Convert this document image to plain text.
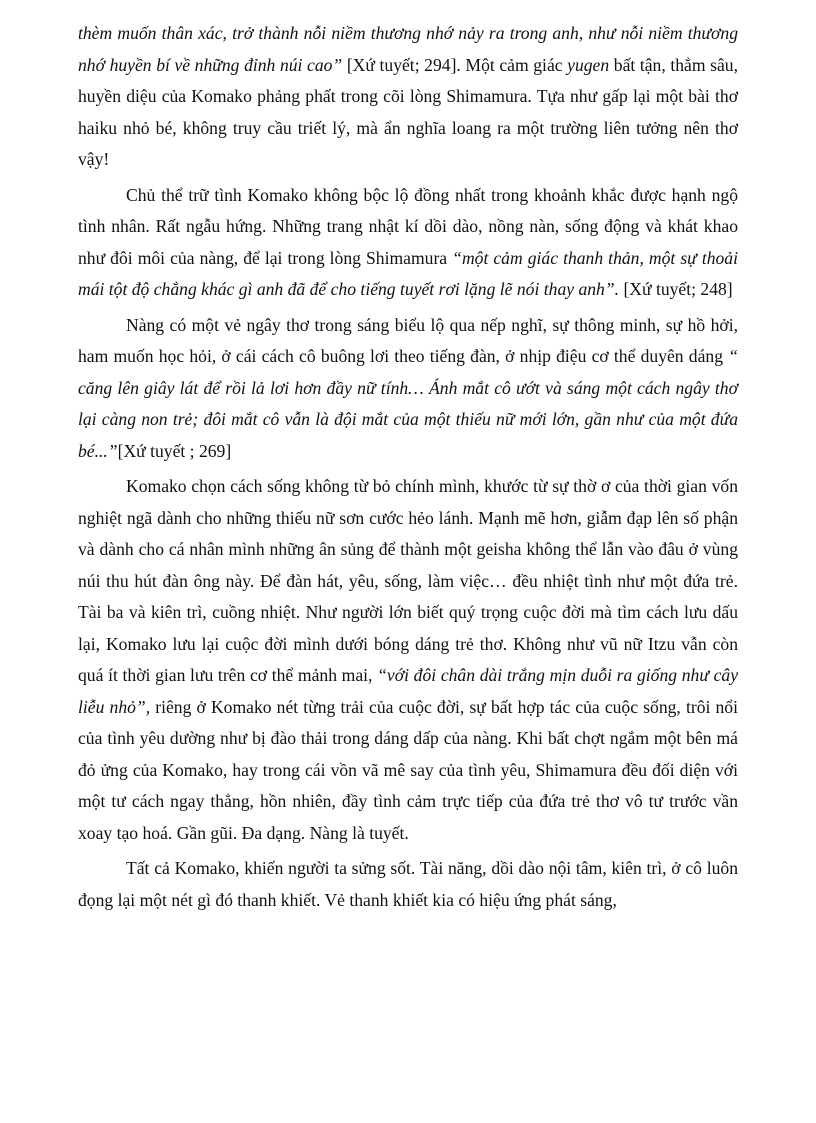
thèm muốn thân xác, trở thành nỗi niềm thương nhớ nảy ra trong anh, như nỗi niềm thương nhớ huyền bí về những đỉnh núi cao” [Xứ tuyết; 294]. Một cảm giác yugen bất tận, thẳm sâu, huyền diệu của Komako phảng phất trong cõi lòng Shimamura. Tựa như gấp lại một bài thơ haiku nhỏ bé, không truy cầu triết lý, mà ẩn nghĩa loang ra một trường liên tưởng nên thơ vậy!

Chủ thể trữ tình Komako không bộc lộ đồng nhất trong khoảnh khắc được hạnh ngộ tình nhân. Rất ngẫu hứng. Những trang nhật kí dồi dào, nồng nàn, sống động và khát khao như đôi môi của nàng, để lại trong lòng Shimamura “một cảm giác thanh thản, một sự thoải mái tột độ chẳng khác gì anh đã để cho tiếng tuyết rơi lặng lẽ nói thay anh”. [Xứ tuyết; 248]

Nàng có một vẻ ngây thơ trong sáng biểu lộ qua nếp nghĩ, sự thông minh, sự hồ hởi, ham muốn học hỏi, ở cái cách cô buông lơi theo tiếng đàn, ở nhịp điệu cơ thể duyên dáng “ căng lên giây lát để rồi lả lơi hơn đầy nữ tính… Ánh mắt cô ướt và sáng một cách ngây thơ lại càng non trẻ; đôi mắt cô vẫn là đội mắt của một thiếu nữ mới lớn, gần như của một đứa bé...”[Xứ tuyết ; 269]

Komako chọn cách sống không từ bỏ chính mình, khước từ sự thờ ơ của thời gian vốn nghiệt ngã dành cho những thiếu nữ sơn cước hẻo lánh. Mạnh mẽ hơn, giẫm đạp lên số phận và dành cho cá nhân mình những ân sủng để thành một geisha không thể lẫn vào đâu ở vùng núi thu hút đàn ông này. Để đàn hát, yêu, sống, làm việc… đều nhiệt tình như một đứa trẻ. Tài ba và kiên trì, cuồng nhiệt. Như người lớn biết quý trọng cuộc đời mà tìm cách lưu dấu lại, Komako lưu lại cuộc đời mình dưới bóng dáng trẻ thơ. Không như vũ nữ Itzu vẫn còn quá ít thời gian lưu trên cơ thể mảnh mai, “với đôi chân dài trắng mịn duỗi ra giống như cây liễu nhỏ”, riêng ở Komako nét từng trải của cuộc đời, sự bất hợp tác của cuộc sống, trôi nổi của tình yêu dường như bị đào thải trong dáng dấp của nàng. Khi bất chợt ngắm một bên má đỏ ửng của Komako, hay trong cái vồn vã mê say của tình yêu, Shimamura đều đối diện với một tư cách ngay thẳng, hồn nhiên, đầy tình cảm trực tiếp của đứa trẻ thơ vô tư trước vần xoay tạo hoá. Gần gũi. Đa dạng. Nàng là tuyết.

Tất cả Komako, khiến người ta sửng sốt. Tài năng, dồi dào nội tâm, kiên trì, ở cô luôn đọng lại một nét gì đó thanh khiết. Vẻ thanh khiết kia có hiệu ứng phát sáng,
